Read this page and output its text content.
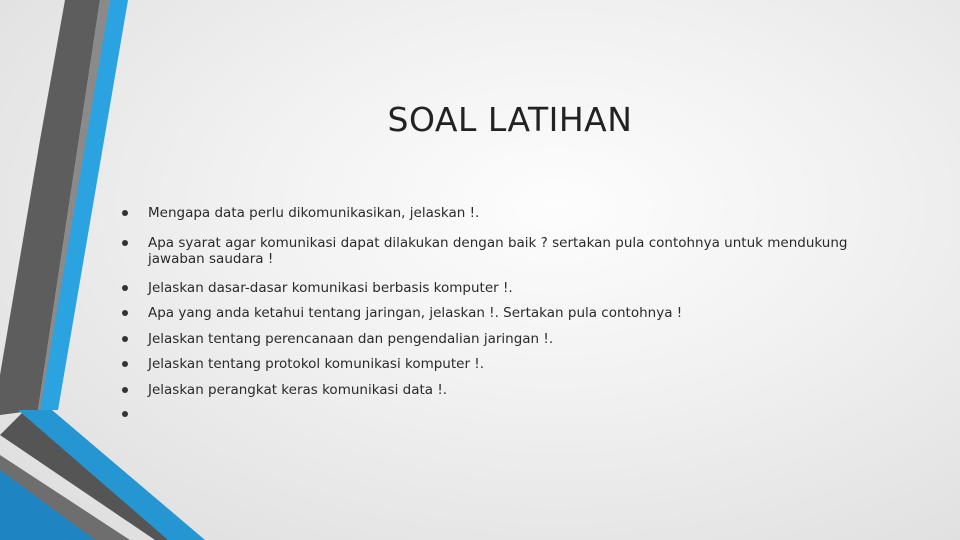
SOAL LATIHAN
Mengapa data perlu dikomunikasikan, jelaskan !.
Apa syarat agar komunikasi dapat dilakukan dengan baik ? sertakan pula contohnya untuk mendukung jawaban saudara !
Jelaskan dasar-dasar komunikasi berbasis komputer !.
Apa yang anda ketahui tentang jaringan, jelaskan !. Sertakan pula contohnya !
Jelaskan tentang perencanaan dan pengendalian jaringan !.
Jelaskan tentang protokol komunikasi komputer !.
Jelaskan perangkat keras komunikasi data !.
